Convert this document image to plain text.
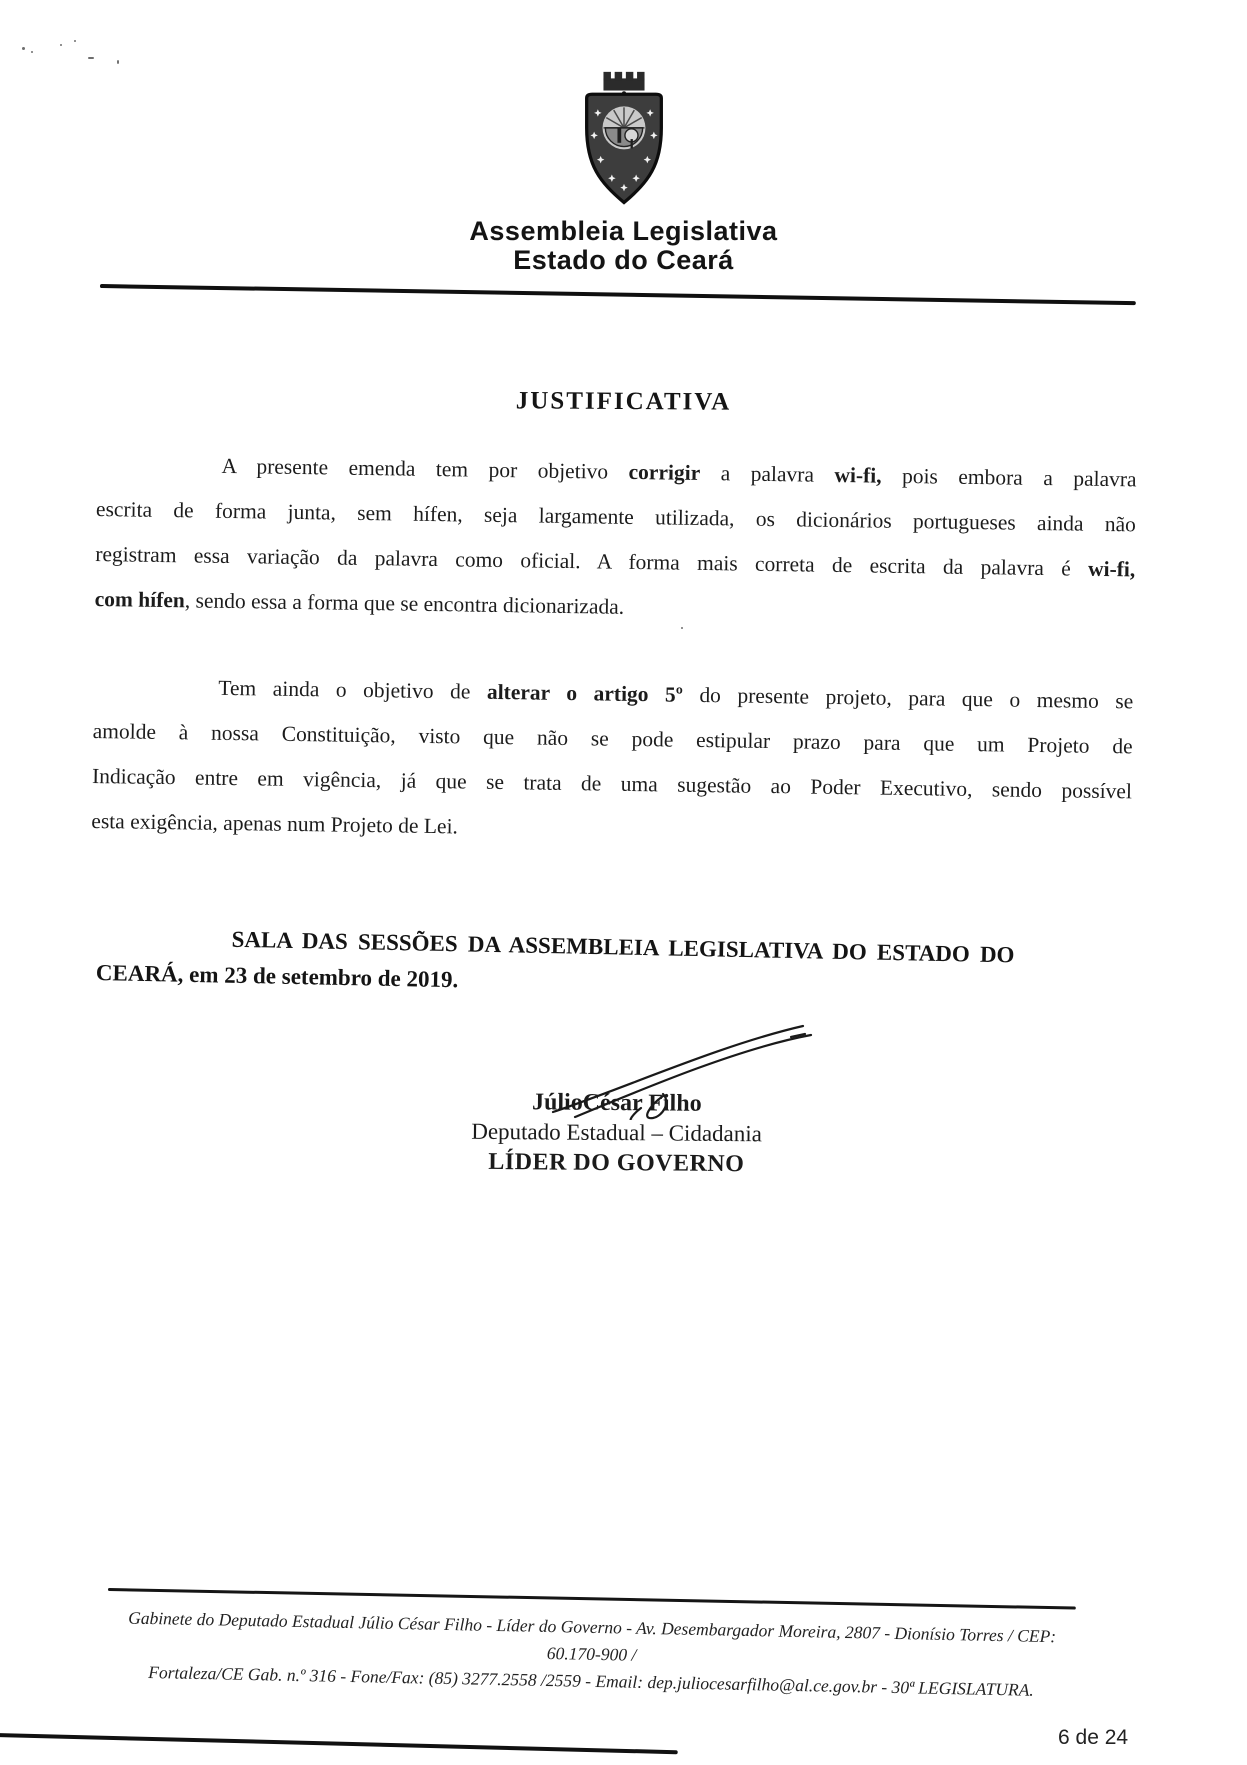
Assembleia Legislativa
Estado do Ceará
JUSTIFICATIVA
A presente emenda tem por objetivo corrigir a palavra wi-fi, pois embora a palavra
escrita de forma junta, sem hífen, seja largamente utilizada, os dicionários portugueses ainda não
registram essa variação da palavra como oficial. A forma mais correta de escrita da palavra é wi-fi,
com hífen, sendo essa a forma que se encontra dicionarizada.
Tem ainda o objetivo de alterar o artigo 5º do presente projeto, para que o mesmo se
amolde à nossa Constituição, visto que não se pode estipular prazo para que um Projeto de
Indicação entre em vigência, já que se trata de uma sugestão ao Poder Executivo, sendo possível
esta exigência, apenas num Projeto de Lei.
SALA DAS SESSÕES DA ASSEMBLEIA LEGISLATIVA DO ESTADO DO
CEARÁ, em 23 de setembro de 2019.
JúlioCésar Filho
Deputado Estadual – Cidadania
LÍDER DO GOVERNO
Gabinete do Deputado Estadual Júlio César Filho - Líder do Governo - Av. Desembargador Moreira, 2807 - Dionísio Torres / CEP: 60.170-900 /
Fortaleza/CE Gab. n.º 316 - Fone/Fax: (85) 3277.2558 /2559 - Email: dep.juliocesarfilho@al.ce.gov.br - 30ª LEGISLATURA.
6 de 24
